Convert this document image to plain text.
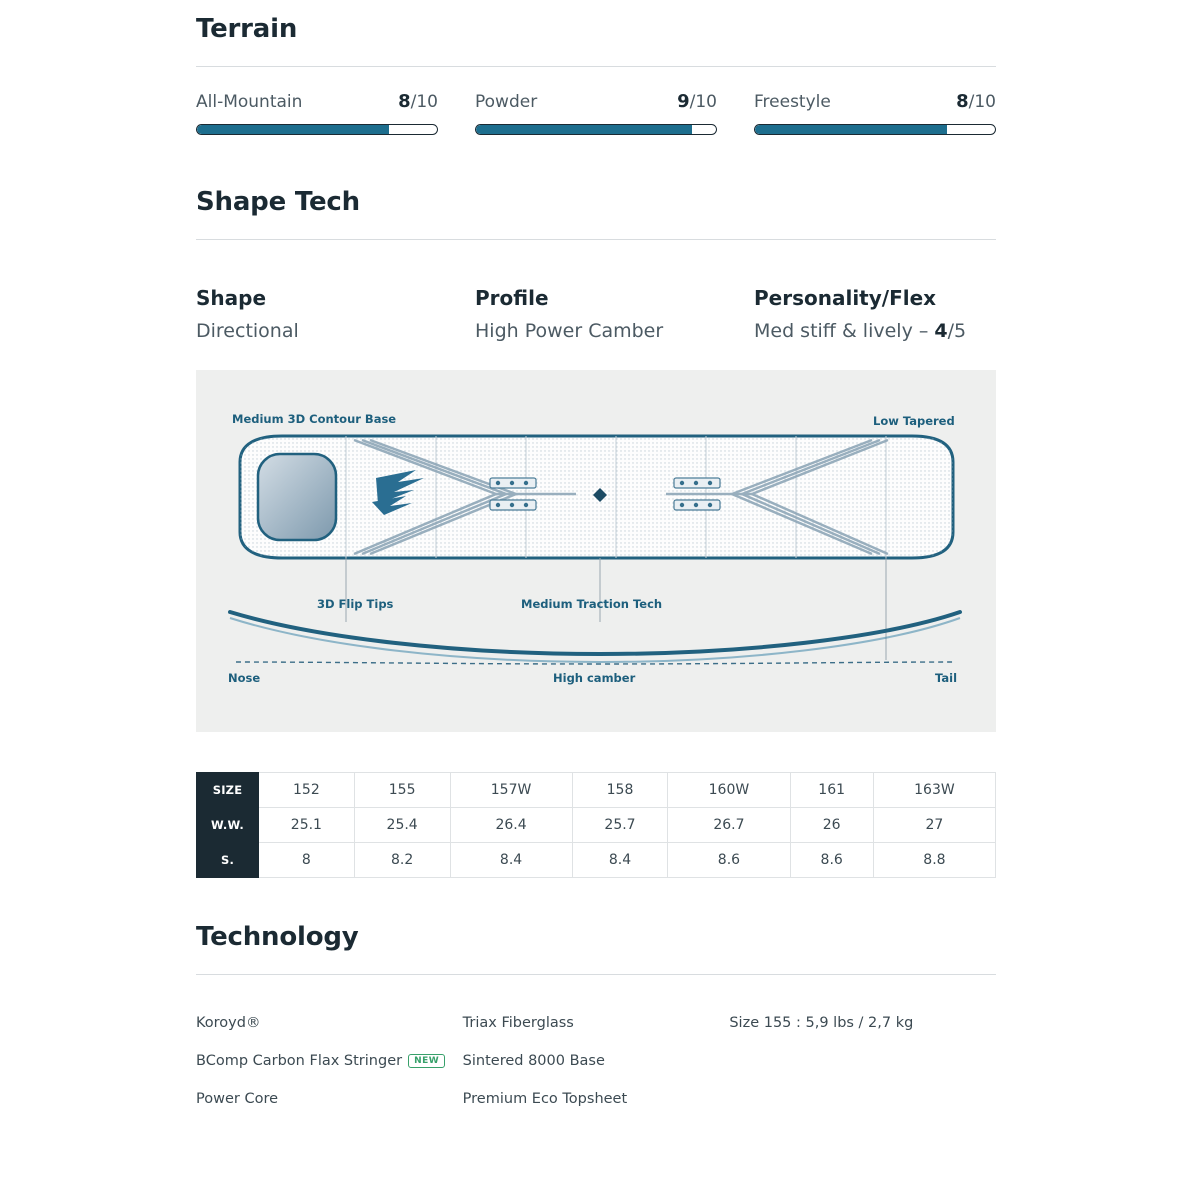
Terrain
All-Mountain	8/10 Powder	9/10 Freestyle	8/10
Shape Tech
Shape
Directional
Profile
High Power Camber
Personality/Flex
Med stiff & lively – 4/5
Medium 3D Contour Base	Low Tapered
3D Flip Tips	Medium Traction Tech
Nose	High camber	Tail
SIZE	152	155	157W	158	160W	161	163W
W.W.	25.1	25.4	26.4	25.7	26.7	26	27
S.	8	8.2	8.4	8.4	8.6	8.6	8.8
Technology
Koroyd®
BComp Carbon Flax Stringer NEW
Power Core
Triax Fiberglass
Sintered 8000 Base
Premium Eco Topsheet
Size 155 : 5,9 lbs / 2,7 kg
